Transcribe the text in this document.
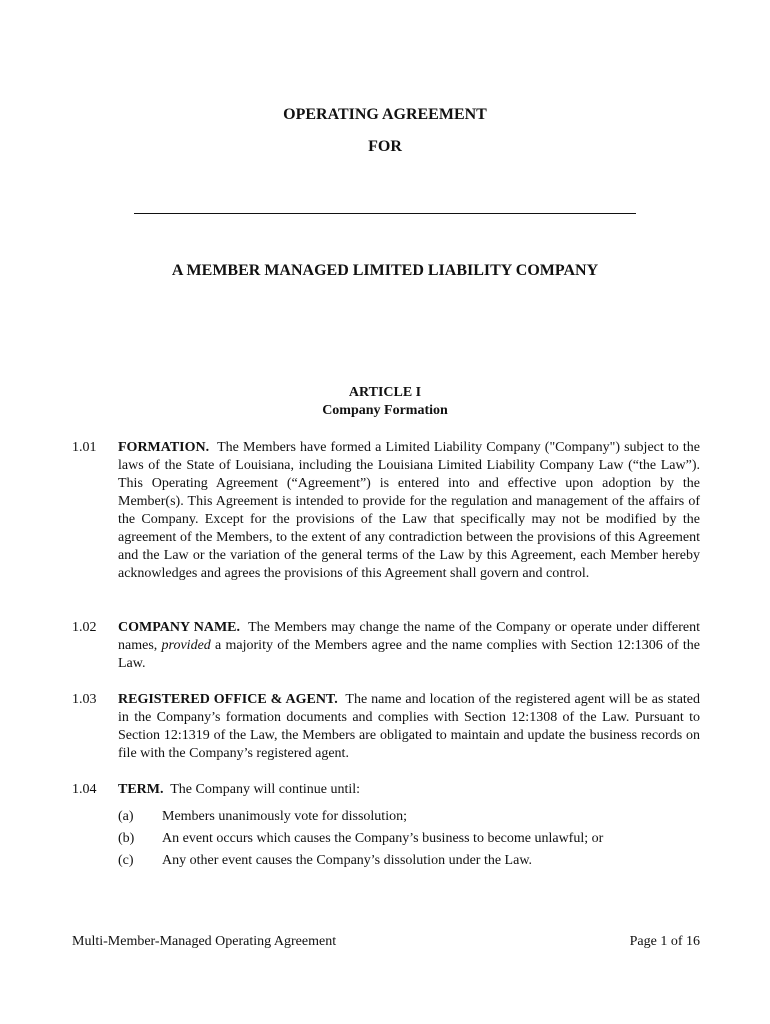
OPERATING AGREEMENT
FOR
A MEMBER MANAGED LIMITED LIABILITY COMPANY
ARTICLE I
Company Formation
1.01	FORMATION. The Members have formed a Limited Liability Company ("Company") subject to the laws of the State of Louisiana, including the Louisiana Limited Liability Company Law (“the Law”). This Operating Agreement (“Agreement”) is entered into and effective upon adoption by the Member(s). This Agreement is intended to provide for the regulation and management of the affairs of the Company. Except for the provisions of the Law that specifically may not be modified by the agreement of the Members, to the extent of any contradiction between the provisions of this Agreement and the Law or the variation of the general terms of the Law by this Agreement, each Member hereby acknowledges and agrees the provisions of this Agreement shall govern and control.
1.02	COMPANY NAME. The Members may change the name of the Company or operate under different names, provided a majority of the Members agree and the name complies with Section 12:1306 of the Law.
1.03	REGISTERED OFFICE & AGENT. The name and location of the registered agent will be as stated in the Company’s formation documents and complies with Section 12:1308 of the Law. Pursuant to Section 12:1319 of the Law, the Members are obligated to maintain and update the business records on file with the Company’s registered agent.
1.04	TERM. The Company will continue until:
(a)	Members unanimously vote for dissolution;
(b)	An event occurs which causes the Company’s business to become unlawful; or
(c)	Any other event causes the Company’s dissolution under the Law.
Multi-Member-Managed Operating Agreement	Page 1 of 16
